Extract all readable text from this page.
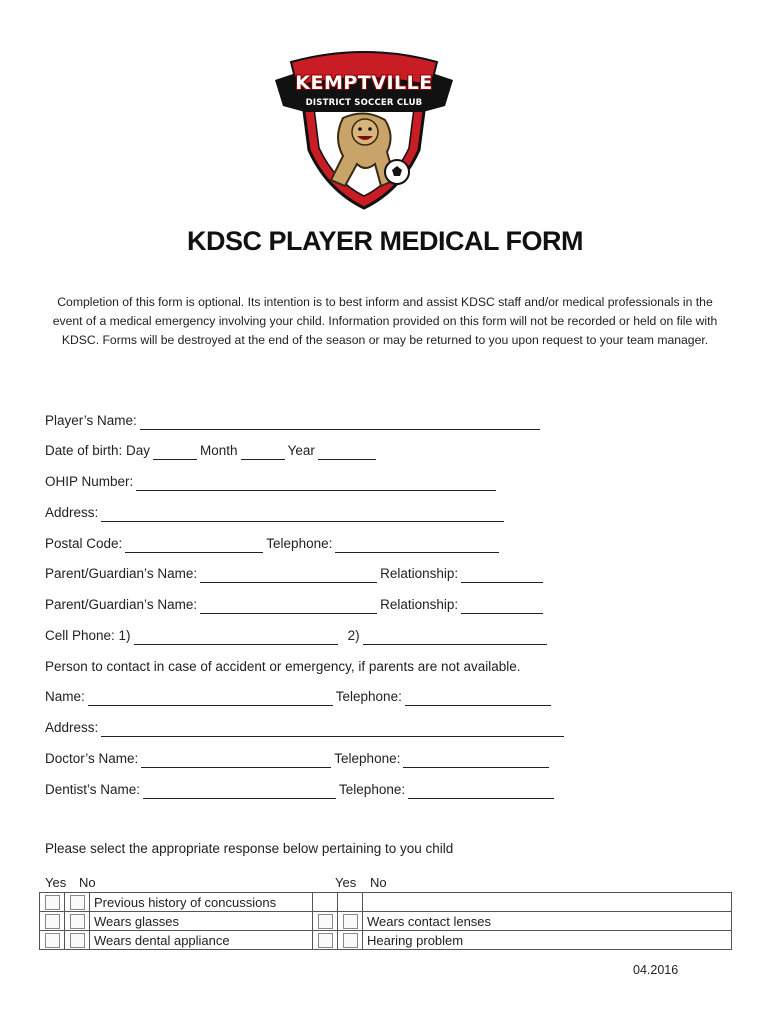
KEMPTVILLE
DISTRICT SOCCER CLUB
KDSC PLAYER MEDICAL FORM
Completion of this form is optional. Its intention is to best inform and assist KDSC staff and/or medical professionals in the event of a medical emergency involving your child. Information provided on this form will not be recorded or held on file with KDSC. Forms will be destroyed at the end of the season or may be returned to you upon request to your team manager.
Player’s Name:
Date of birth: Day	Month	Year
OHIP Number:
Address:
Postal Code:	Telephone:
Parent/Guardian’s Name:	Relationship:
Parent/Guardian’s Name:	Relationship:
Cell Phone: 1)	2)
Person to contact in case of accident or emergency, if parents are not available.
Name:	Telephone:
Address:
Doctor’s Name:	Telephone:
Dentist’s Name:	Telephone:
Please select the appropriate response below pertaining to you child
Yes No	Yes No
		Previous history of concussions			
		Wears glasses			Wears contact lenses
		Wears dental appliance			Hearing problem
04.2016
